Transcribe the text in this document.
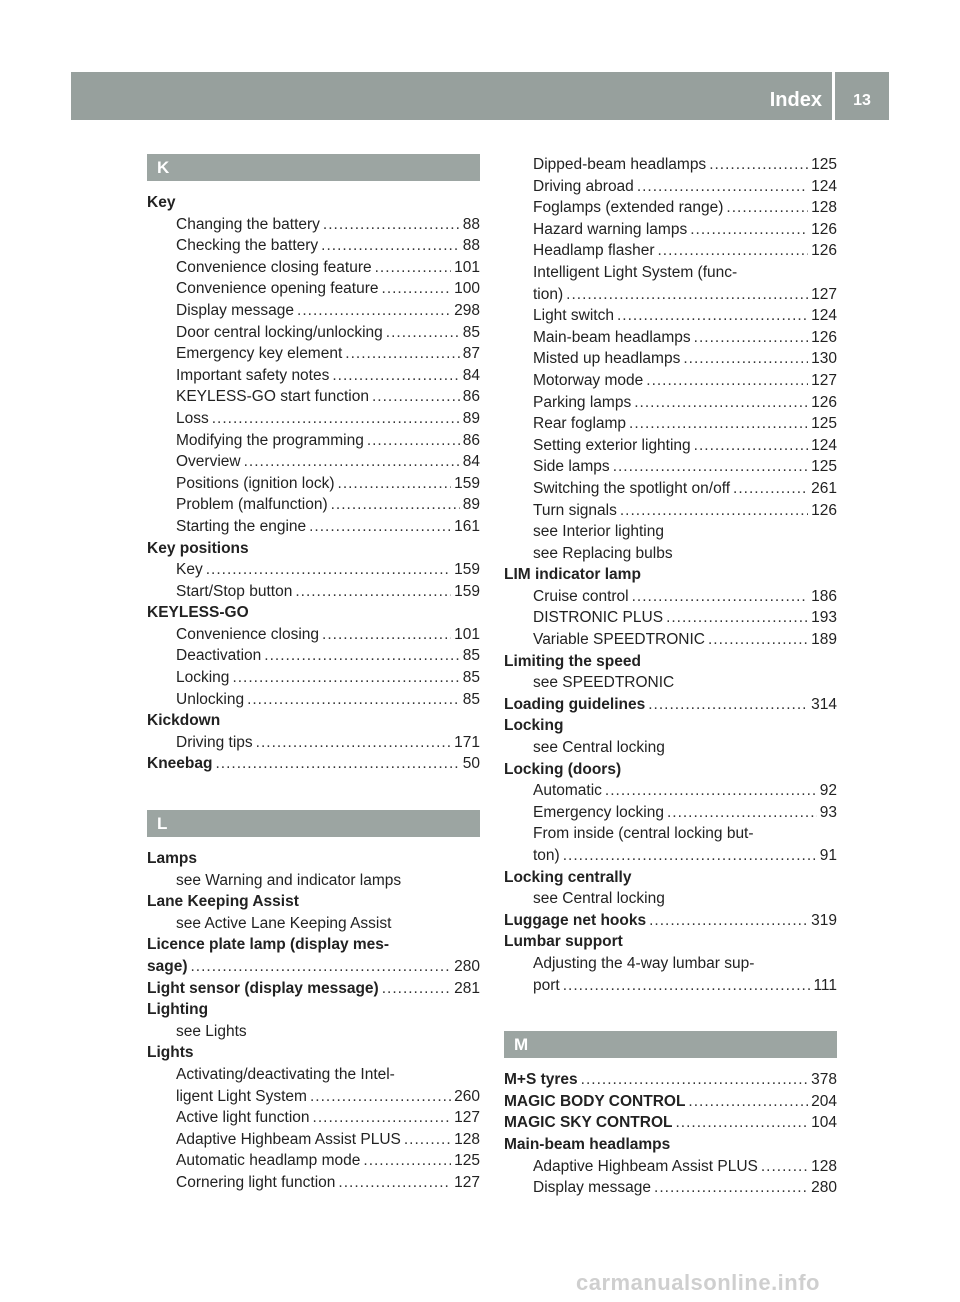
Index	13
K
Key
Changing the battery .....	88
Checking the battery .....	88
Convenience closing feature .....	101
Convenience opening feature .....	100
Display message .....	298
Door central locking/unlocking .....	85
Emergency key element .....	87
Important safety notes .....	84
KEYLESS-GO start function .....	86
Loss .....	89
Modifying the programming .....	86
Overview .....	84
Positions (ignition lock) .....	159
Problem (malfunction) .....	89
Starting the engine .....	161
Key positions
Key .....	159
Start/Stop button .....	159
KEYLESS-GO
Convenience closing .....	101
Deactivation .....	85
Locking .....	85
Unlocking .....	85
Kickdown
Driving tips .....	171
Kneebag .....	50
L
Lamps
see Warning and indicator lamps
Lane Keeping Assist
see Active Lane Keeping Assist
Licence plate lamp (display mes-
sage) .....	280
Light sensor (display message) .....	281
Lighting
see Lights
Lights
Activating/deactivating the Intel-
ligent Light System .....	260
Active light function .....	127
Adaptive Highbeam Assist PLUS .....	128
Automatic headlamp mode .....	125
Cornering light function .....	127
Dipped-beam headlamps .....	125
Driving abroad .....	124
Foglamps (extended range) .....	128
Hazard warning lamps .....	126
Headlamp flasher .....	126
Intelligent Light System (func-
tion) .....	127
Light switch .....	124
Main-beam headlamps .....	126
Misted up headlamps .....	130
Motorway mode .....	127
Parking lamps .....	126
Rear foglamp .....	125
Setting exterior lighting .....	124
Side lamps .....	125
Switching the spotlight on/off .....	261
Turn signals .....	126
see Interior lighting
see Replacing bulbs
LIM indicator lamp
Cruise control .....	186
DISTRONIC PLUS .....	193
Variable SPEEDTRONIC .....	189
Limiting the speed
see SPEEDTRONIC
Loading guidelines .....	314
Locking
see Central locking
Locking (doors)
Automatic .....	92
Emergency locking .....	93
From inside (central locking but-
ton) .....	91
Locking centrally
see Central locking
Luggage net hooks .....	319
Lumbar support
Adjusting the 4-way lumbar sup-
port .....	111
M
M+S tyres .....	378
MAGIC BODY CONTROL .....	204
MAGIC SKY CONTROL .....	104
Main-beam headlamps
Adaptive Highbeam Assist PLUS .....	128
Display message .....	280
carmanualsonline.info
